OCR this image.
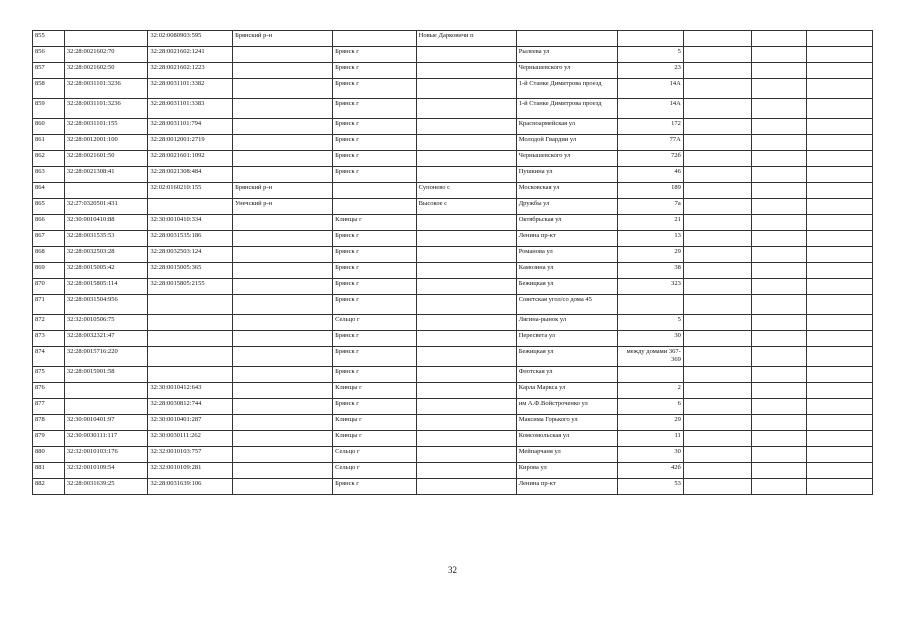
855		32:02:0080903:595	Брянский р-н		Новые Дарковичи п					
856	32:28:0021602:70	32:28:0021602:1241		Брянск г		Рылеева ул	5			
857	32:28:0021602:50	32:28:0021602:1223		Брянск г		Чернышевского ул	23			
858	32:28:0031101:3236	32:28:0031101:3382		Брянск г		1-й Станке Димитрова проезд	14А			
859	32:28:0031101:3236	32:28:0031101:3383		Брянск г		1-й Станке Димитрова проезд	14А			
860	32:28:0031101:155	32:28:0031101:794		Брянск г		Красноармейская ул	172			
861	32:28:0012001:100	32:28:0012001:2719		Брянск г		Молодой Гвардии ул	77А			
862	32:28:0021601:50	32:28:0021601:1092		Брянск г		Чернышевского ул	72б			
863	32:28:0021308:41	32:28:0021308:484		Брянск г		Пушкина ул	46			
864		32:02:0160210:155	Брянский р-н		Супонево с	Московская ул	189			
865	32:27:0320501:431		Унечский р-н		Высокое с	Дружбы ул	7а			
866	32:30:0010410:88	32:30:0010410:334		Клинцы г		Октябрьская ул	21			
867	32:28:0031535:53	32:28:0031535:186		Брянск г		Ленина пр-кт	13			
868	32:28:0032503:28	32:28:0032503:124		Брянск г		Романова ул	29			
869	32:28:0015005:42	32:28:0015005:365		Брянск г		Камозина ул	38			
870	32:28:0015805:114	32:28:0015805:2155		Брянск г		Бежицкая ул	323			
871	32:28:0031504:956			Брянск г		Советская угол/со дома 45				
872	32:32:0010506:75			Сельцо г		Лягина-рынок ул	5			
873	32:28:0032321:47			Брянск г		Пересвета ул	30			
874	32:28:0015716:220			Брянск г		Бежицкая ул	между домами 367-369			
875	32:28:0015901:58			Брянск г		Флотская ул				
876		32:30:0010412:643		Клинцы г		Карла Маркса ул	2			
877		32:28:0030812:744		Брянск г		им А.Ф.Войстроченко ул	6			
878	32:30:0010401:97	32:30:0010401:287		Клинцы г		Максима Горького ул	29			
879	32:30:0030111:117	32:30:0030111:262		Клинцы г		Комсомольская ул	11			
880	32:32:0010103:176	32:32:0010103:757		Сельцо г		Мейпарчаня ул	30			
881	32:32:0010109:54	32:32:0010109:281		Сельцо г		Кирова ул	42б			
882	32:28:0031639:25	32:28:0031639:106		Брянск г		Ленина пр-кт	53			
32
